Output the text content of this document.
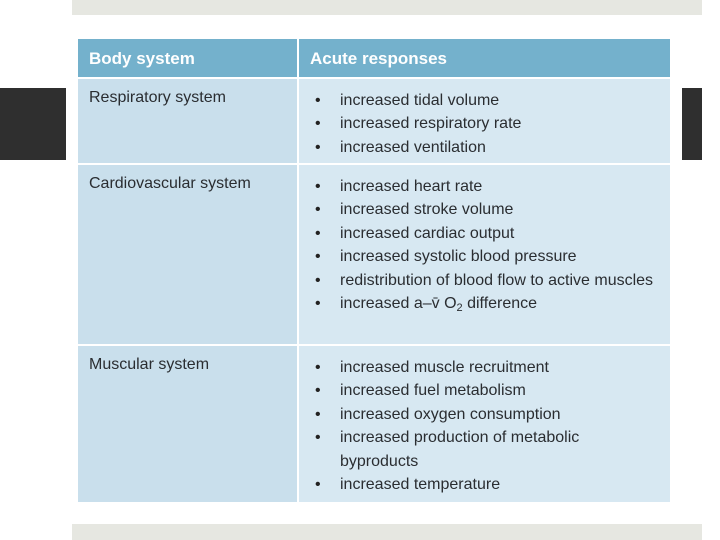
Body system	Acute responses
Respiratory system	• increased tidal volume
• increased respiratory rate
• increased ventilation
Cardiovascular system	• increased heart rate
• increased stroke volume
• increased cardiac output
• increased systolic blood pressure
• redistribution of blood flow to active muscles
• increased a–v̄ $O_2$ difference
Muscular system	• increased muscle recruitment
• increased fuel metabolism
• increased oxygen consumption
• increased production of metabolic byproducts
• increased temperature
